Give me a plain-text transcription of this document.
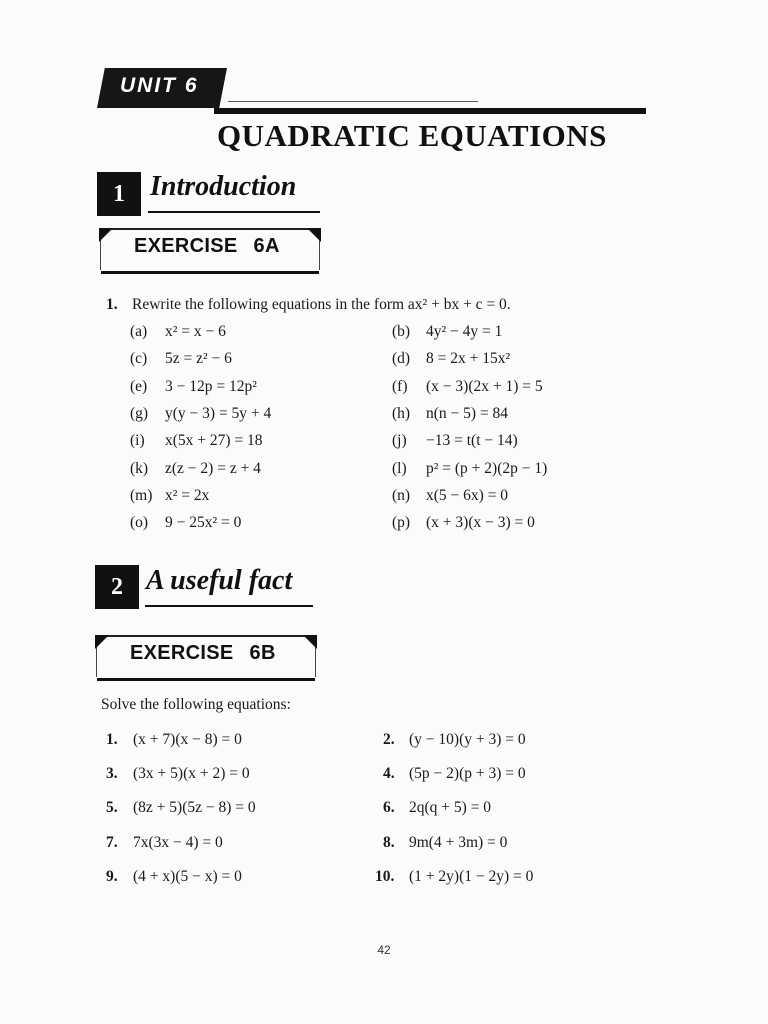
UNIT 6
QUADRATIC EQUATIONS
1 Introduction
EXERCISE 6A
1. Rewrite the following equations in the form ax² + bx + c = 0.
(a) x² = x − 6	(b) 4y² − 4y = 1
(c) 5z = z² − 6	(d) 8 = 2x + 15x²
(e) 3 − 12p = 12p²	(f) (x − 3)(2x + 1) = 5
(g) y(y − 3) = 5y + 4	(h) n(n − 5) = 84
(i) x(5x + 27) = 18	(j) −13 = t(t − 14)
(k) z(z − 2) = z + 4	(l) p² = (p + 2)(2p − 1)
(m) x² = 2x	(n) x(5 − 6x) = 0
(o) 9 − 25x² = 0	(p) (x + 3)(x − 3) = 0
2 A useful fact
EXERCISE 6B
Solve the following equations:
1. (x + 7)(x − 8) = 0	2. (y − 10)(y + 3) = 0
3. (3x + 5)(x + 2) = 0	4. (5p − 2)(p + 3) = 0
5. (8z + 5)(5z − 8) = 0	6. 2q(q + 5) = 0
7. 7x(3x − 4) = 0	8. 9m(4 + 3m) = 0
9. (4 + x)(5 − x) = 0	10. (1 + 2y)(1 − 2y) = 0
42
